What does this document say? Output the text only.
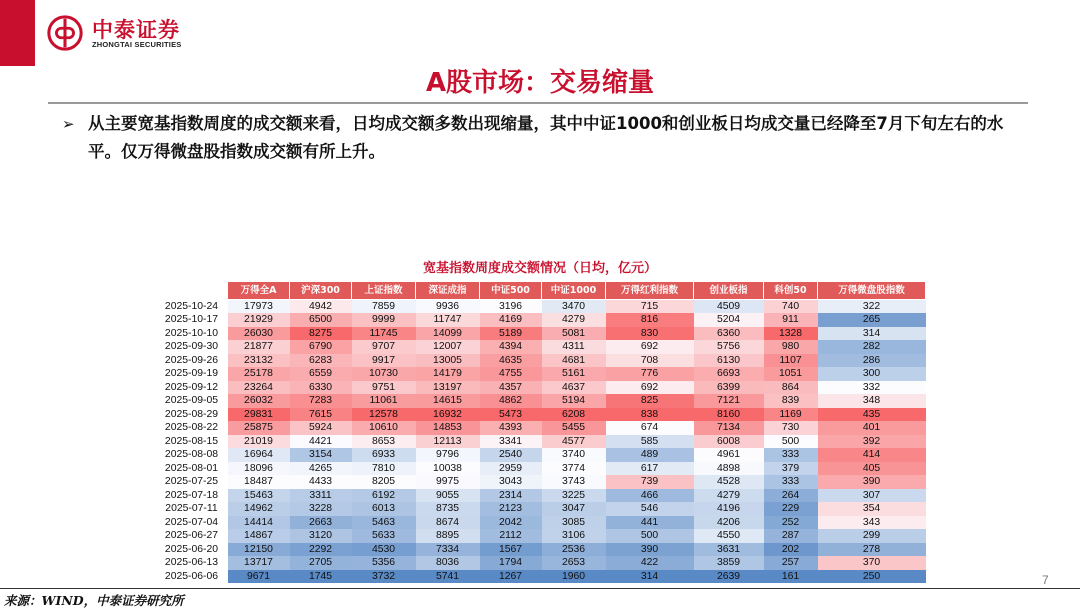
中泰证券
ZHONGTAI SECURITIES
A股市场：交易缩量
➢ 从主要宽基指数周度的成交额来看，日均成交额多数出现缩量，其中中证1000和创业板日均成交量已经降至7月下旬左右的水平。仅万得微盘股指数成交额有所上升。
宽基指数周度成交额情况（日均，亿元）
	万得全A	沪深300	上证指数	深证成指	中证500	中证1000	万得红利指数	创业板指	科创50	万得微盘股指数
2025-10-24	17973	4942	7859	9936	3196	3470	715	4509	740	322
2025-10-17	21929	6500	9999	11747	4169	4279	816	5204	911	265
2025-10-10	26030	8275	11745	14099	5189	5081	830	6360	1328	314
2025-09-30	21877	6790	9707	12007	4394	4311	692	5756	980	282
2025-09-26	23132	6283	9917	13005	4635	4681	708	6130	1107	286
2025-09-19	25178	6559	10730	14179	4755	5161	776	6693	1051	300
2025-09-12	23264	6330	9751	13197	4357	4637	692	6399	864	332
2025-09-05	26032	7283	11061	14615	4862	5194	825	7121	839	348
2025-08-29	29831	7615	12578	16932	5473	6208	838	8160	1169	435
2025-08-22	25875	5924	10610	14853	4393	5455	674	7134	730	401
2025-08-15	21019	4421	8653	12113	3341	4577	585	6008	500	392
2025-08-08	16964	3154	6933	9796	2540	3740	489	4961	333	414
2025-08-01	18096	4265	7810	10038	2959	3774	617	4898	379	405
2025-07-25	18487	4433	8205	9975	3043	3743	739	4528	333	390
2025-07-18	15463	3311	6192	9055	2314	3225	466	4279	264	307
2025-07-11	14962	3228	6013	8735	2123	3047	546	4196	229	354
2025-07-04	14414	2663	5463	8674	2042	3085	441	4206	252	343
2025-06-27	14867	3120	5633	8895	2112	3106	500	4550	287	299
2025-06-20	12150	2292	4530	7334	1567	2536	390	3631	202	278
2025-06-13	13717	2705	5356	8036	1794	2653	422	3859	257	370
2025-06-06	9671	1745	3732	5741	1267	1960	314	2639	161	250	7
来源：WIND，中泰证券研究所
